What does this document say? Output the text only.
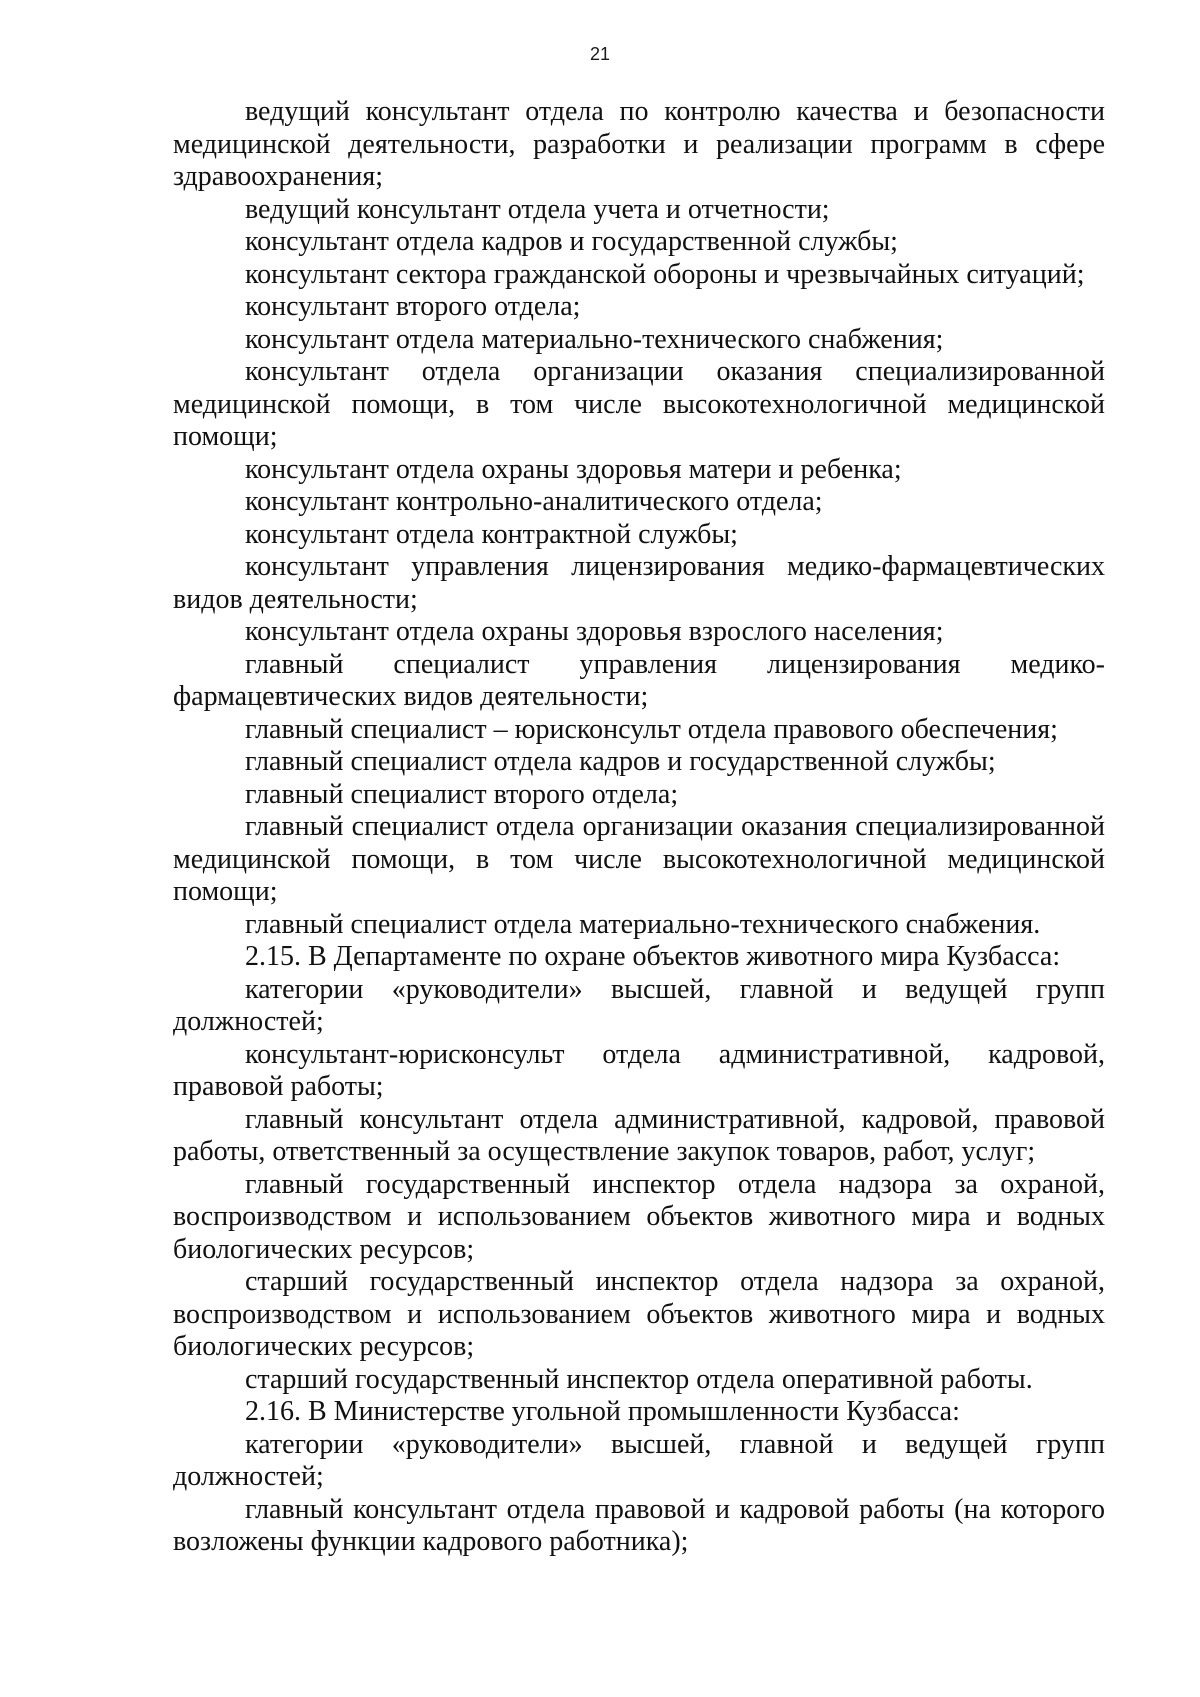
21

ведущий консультант отдела по контролю качества и безопасности медицинской деятельности, разработки и реализации программ в сфере здравоохранения;

ведущий консультант отдела учета и отчетности;

консультант отдела кадров и государственной службы;

консультант сектора гражданской обороны и чрезвычайных ситуаций;

консультант второго отдела;

консультант отдела материально-технического снабжения;

консультант отдела организации оказания специализированной медицинской помощи, в том числе высокотехнологичной медицинской помощи;

консультант отдела охраны здоровья матери и ребенка;

консультант контрольно-аналитического отдела;

консультант отдела контрактной службы;

консультант управления лицензирования медико-фармацевтических видов деятельности;

консультант отдела охраны здоровья взрослого населения;

главный специалист управления лицензирования медико-фармацевтических видов деятельности;

главный специалист – юрисконсульт отдела правового обеспечения;

главный специалист отдела кадров и государственной службы;

главный специалист второго отдела;

главный специалист отдела организации оказания специализированной медицинской помощи, в том числе высокотехнологичной медицинской помощи;

главный специалист отдела материально-технического снабжения.

2.15. В Департаменте по охране объектов животного мира Кузбасса:

категории «руководители» высшей, главной и ведущей групп должностей;

консультант-юрисконсульт отдела административной, кадровой, правовой работы;

главный консультант отдела административной, кадровой, правовой работы, ответственный за осуществление закупок товаров, работ, услуг;

главный государственный инспектор отдела надзора за охраной, воспроизводством и использованием объектов животного мира и водных биологических ресурсов;

старший государственный инспектор отдела надзора за охраной, воспроизводством и использованием объектов животного мира и водных биологических ресурсов;

старший государственный инспектор отдела оперативной работы.

2.16. В Министерстве угольной промышленности Кузбасса:

категории «руководители» высшей, главной и ведущей групп должностей;

главный консультант отдела правовой и кадровой работы (на которого возложены функции кадрового работника);
